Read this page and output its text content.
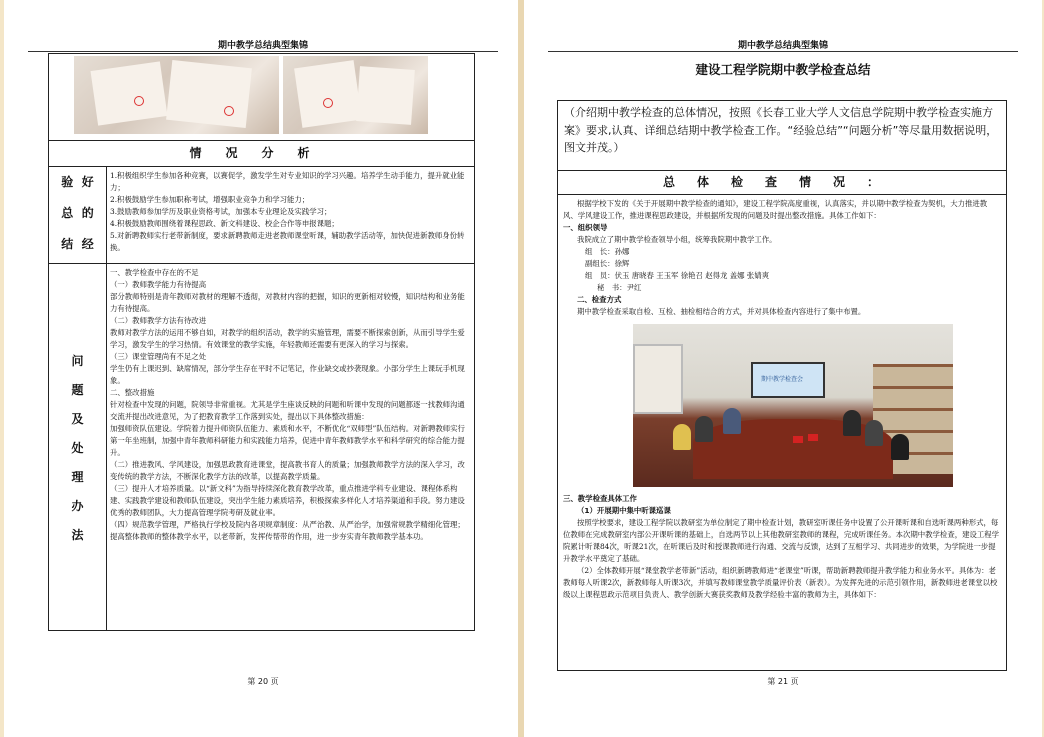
期中教学总结典型集锦
情况分析
验 好
总 的
结 经
1.积极组织学生参加各种竞赛，以赛促学，激发学生对专业知识的学习兴趣。培养学生动手能力，提升就业能力；
2.积极鼓励学生参加职称考试，增强职业竞争力和学习能力；
3.鼓励教师参加学历及职业资格考试，加强本专业理论及实践学习；
4.积极鼓励教师围绕着课程思政、新文科建设、校企合作等申报课题；
5.对新聘教师实行老带新制度，要求新聘教师走进老教师课堂听课，辅助教学活动等，加快促进新教师身份转换。
问
题
及
处
理
办
法
一、教学检查中存在的不足
（一）教师教学能力有待提高
部分教师特别是青年教师对教材的理解不透彻，对教材内容的把握，知识的更新相对较慢，知识结构和业务能力有待提高。
（二）教师教学方法有待改进
教师对教学方法的运用不够自如，对教学的组织活动，教学的实施管理，需要不断探索创新，从而引导学生爱学习，激发学生的学习热情。有效课堂的教学实施，年轻教师还需要有更深入的学习与探索。
（三）课堂管理尚有不足之处
学生仍有上课迟到、缺席情况，部分学生存在平时不记笔记，作业缺交或抄袭现象。小部分学生上课玩手机现象。
二、整改措施
针对检查中发现的问题，院领导非常重视。尤其是学生座谈反映的问题和听课中发现的问题都逐一找教师沟通交流并提出改进意见，为了把教育教学工作落到实处，提出以下具体整改措施：
加强师资队伍建设。学院着力提升师资队伍能力、素质和水平，不断优化“双师型”队伍结构。对新聘教师实行第一年坐班制，加强中青年教师科研能力和实践能力培养，促进中青年教师教学水平和科学研究的综合能力提升。
（二）推进教风、学风建设，加强思政教育进课堂，提高教书育人的质量；加强教师教学方法的深入学习，改变传统的教学方法，不断深化教学方法的改革，以提高教学质量。
（三）提升人才培养质量。以“新文科”为指导持续深化教育教学改革，重点推进学科专业建设、课程体系构建、实践教学建设和教师队伍建设，突出学生能力素质培养，积极探索多样化人才培养渠道和手段。努力建设优秀的教师团队，大力提高管理学院考研及就业率。
（四）规范教学管理，严格执行学校及院内各项规章制度：从严治教、从严治学，加强常规教学精细化管理；提高整体教师的整体教学水平，以老带新，发挥传帮带的作用，进一步夯实青年教师教学基本功。
第 20 页
期中教学总结典型集锦
建设工程学院期中教学检查总结
（介绍期中教学检查的总体情况，按照《长春工业大学人文信息学院期中教学检查实施方案》要求,认真、详细总结期中教学检查工作。“经验总结”“问题分析”等尽量用数据说明，图文并茂。）
总体检查情况：
根据学校下发的《关于开展期中教学检查的通知》，建设工程学院高度重视，认真落实，并以期中教学检查为契机，大力推进教风、学风建设工作，推进课程思政建设，并根据所发现的问题及时提出整改措施。具体工作如下：
一、组织领导
我院成立了期中教学检查领导小组，统筹我院期中教学工作。
组　长：孙娜
副组长：徐辉
组　员：伏玉 唐晓春 王玉军 徐艳召 赵得龙 盖娜 张婧爽
秘　书：尹红
二、检查方式
期中教学检查采取自检、互检、抽检相结合的方式，并对具体检查内容进行了集中布置。
期中教学检查会
三、教学检查具体工作
（1）开展期中集中听课巡课
按照学校要求，建设工程学院以教研室为单位制定了期中检查计划，教研室听课任务中设置了公开课听课和自选听课两种形式，每位教师在完成教研室内部公开课听课的基础上，自选两节以上其他教研室教师的课程，完成听课任务。本次期中教学检查，建设工程学院累计听课84次，听课21次，在听课后及时和授课教师进行沟通、交流与反馈，达到了互相学习、共同进步的效果，为学院进一步提升教学水平奠定了基础。
（2）全体教师开展“课堂教学老带新”活动，组织新聘教师进“老课堂”听课，帮助新聘教师提升教学能力和业务水平。具体为：老教师每人听课2次，新教师每人听课3次，并填写教师课堂教学质量评价表（新表）。为发挥先进的示范引领作用，新教师进老课堂以校级以上课程思政示范项目负责人、教学创新大赛获奖教师及教学经验丰富的教师为主，具体如下：
第 21 页
